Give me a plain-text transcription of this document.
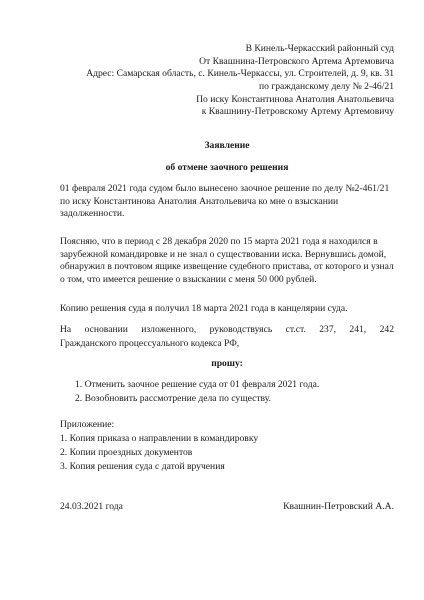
В Кинель-Черкасский районный суд
От Квашнина-Петровского Артема Артемовича
Адрес: Самарская область, с. Кинель-Черкассы, ул. Строителей, д. 9, кв. 31
по гражданскому делу № 2-46/21
По иску Константинова Анатолия Анатольевича
к Квашнину-Петровскому Артему Артемовичу
Заявление
об отмене заочного решения
01 февраля 2021 года судом было вынесено заочное решение по делу №2-461/21 по иску Константинова Анатолия Анатольевича ко мне о взыскании задолженности.
Поясняю, что в период с 28 декабря 2020 по 15 марта 2021 года я находился в зарубежной командировке и не знал о существовании иска. Вернувшись домой, обнаружил в почтовом ящике извещение судебного пристава, от которого и узнал о том, что имеется решение о взыскании с меня 50 000 рублей.
Копию решения суда я получил 18 марта 2021 года в канцелярии суда.
На основании изложенного, руководствуясь ст.ст. 237, 241, 242
Гражданского процессуального кодекса РФ,
прошу:
1. Отменить заочное решение суда от 01 февраля 2021 года.
2. Возобновить рассмотрение дела по существу.
Приложение:
1. Копия приказа о направлении в командировку
2. Копии проездных документов
3. Копия решения суда с датой вручения
24.03.2021 года	Квашнин-Петровский А.А.
